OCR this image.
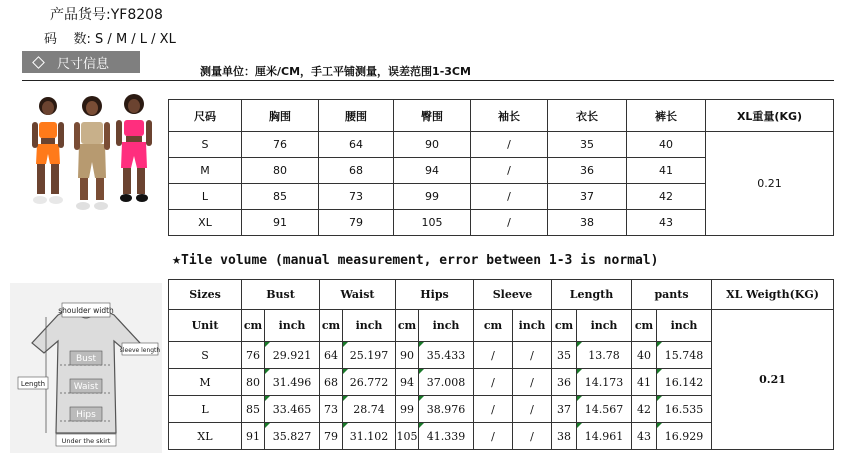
产品货号:YF8208
码    数: S / M / L / XL
尺寸信息	测量单位：厘米/CM，手工平铺测量，误差范围1-3CM
尺码	胸围	腰围	臀围	袖长	衣长	裤长	XL重量(KG)
S	76	64	90	/	35	40	0.21
M	80	68	94	/	36	41	
L	85	73	99	/	37	42	
XL	91	79	105	/	38	43	
★Tile volume (manual measurement, error between 1-3 is normal)
shoulder width
sleeve length
Bust
Length	Waist
Hips
Under the skirt
Sizes	Bust		Waist		Hips		Sleeve		Length		pants		XL Weigth(KG)
Unit	cm	inch	cm	inch	cm	inch	cm	inch	cm	inch	cm	inch	0.21
S	76	29.921	64	25.197	90	35.433	/	/	35	13.78	40	15.748	
M	80	31.496	68	26.772	94	37.008	/	/	36	14.173	41	16.142	
L	85	33.465	73	28.74	99	38.976	/	/	37	14.567	42	16.535	
XL	91	35.827	79	31.102	105	41.339	/	/	38	14.961	43	16.929	
